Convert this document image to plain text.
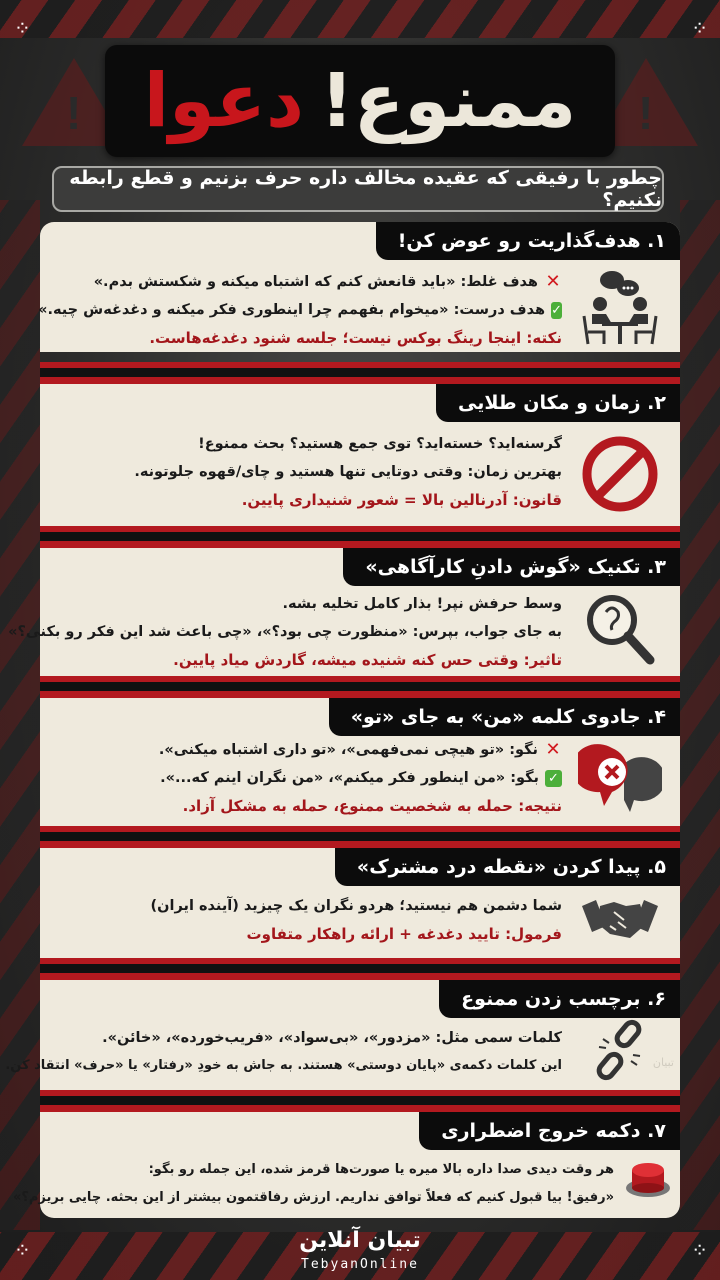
⁘	⁘
⁘	⁘
!	!
ممنوع!
دعوا
چطور با رفیقی که عقیده مخالف داره حرف بزنیم و قطع رابطه نکنیم؟
۱. هدف‌گذاریت رو عوض کن!
✕
هدف غلط: «باید قانعش کنم که اشتباه میکنه و شکستش بدم.»
✓
هدف درست: «میخوام بفهمم چرا اینطوری فکر میکنه و دغدغه‌ش چیه.»
نکته: اینجا رینگ بوکس نیست؛ جلسه شنود دغدغه‌هاست.
۲. زمان و مکان طلایی
گرسنه‌اید؟ خسته‌اید؟ توی جمع هستید؟ بحث ممنوع!
بهترین زمان: وقتی دوتایی تنها هستید و چای/قهوه جلوتونه.
قانون: آدرنالین بالا = شعور شنیداری پایین.
۳. تکنیک «گوش دادنِ کارآگاهی»
وسط حرفش نپر! بذار کامل تخلیه بشه.
به جای جواب، بپرس: «منظورت چی بود؟»، «چی باعث شد این فکر رو بکنی؟»
تاثیر: وقتی حس کنه شنیده میشه، گاردش میاد پایین.
۴. جادوی کلمه «من» به جای «تو»
✕
نگو: «تو هیچی نمی‌فهمی»، «تو داری اشتباه میکنی».
✓
بگو: «من اینطور فکر میکنم»، «من نگران اینم که...».
نتیجه: حمله به شخصیت ممنوع، حمله به مشکل آزاد.
۵. پیدا کردن «نقطه درد مشترک»
شما دشمن هم نیستید؛ هردو نگران یک چیزید (آینده ایران)
فرمول: تایید دغدغه + ارائه راهکار متفاوت
۶. برچسب زدن ممنوع
تبیان
کلمات سمی مثل: «مزدور»، «بی‌سواد»، «فریب‌خورده»، «خائن».
این کلمات دکمه‌ی «پایان دوستی» هستند. به جاش به خودِ «رفتار» یا «حرف» انتقاد کن.
۷. دکمه خروج اضطراری
هر وقت دیدی صدا داره بالا میره یا صورت‌ها قرمز شده، این جمله رو بگو:
«رفیق! بیا قبول کنیم که فعلاً توافق نداریم. ارزش رفاقتمون بیشتر از این بحثه. چایی بریزم؟»
تبیان آنلاین
TebyanOnline
